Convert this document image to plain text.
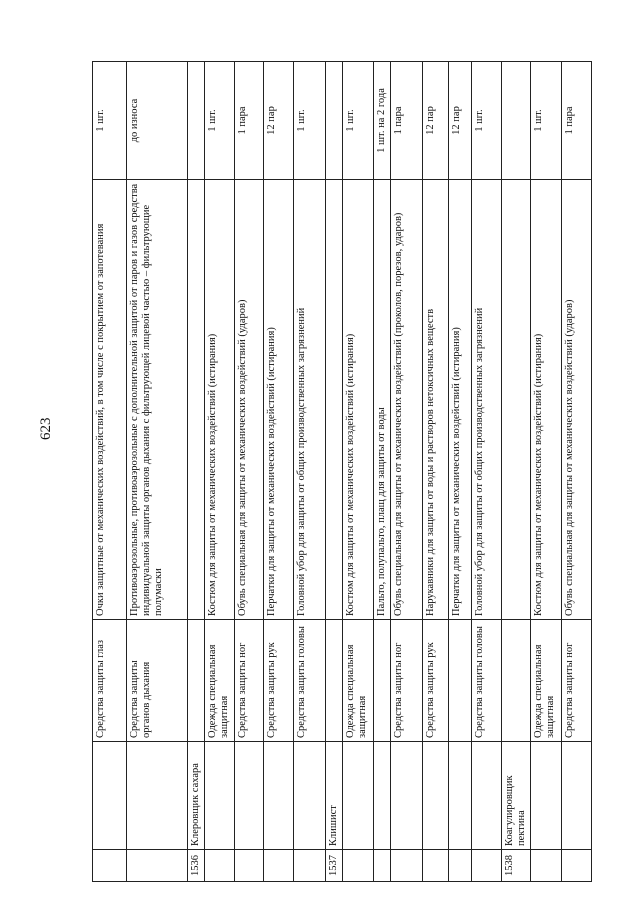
623
		Средства защиты глаз	Очки защитные от механических воздействий, в том числе с покрытием от запотевания	1 шт.
		Средства защиты органов дыхания	Противоаэрозольные, противоаэрозольные с дополнительной защитой от паров и газов средства индивидуальной защиты органов дыхания с фильтрующей лицевой частью – фильтрующие полумаски	до износа
1536	Клеровщик сахара			
		Одежда специальная защитная	Костюм для защиты от механических воздействий (истирания)	1 шт.
		Средства защиты ног	Обувь специальная для защиты от механических воздействий (ударов)	1 пара
		Средства защиты рук	Перчатки для защиты от механических воздействий (истирания)	12 пар
		Средства защиты головы	Головной убор для защиты от общих производственных загрязнений	1 шт.
1537	Клишист			
		Одежда специальная защитная	Костюм для защиты от механических воздействий (истирания)	1 шт.
			Пальто, полупальто, плащ для защиты от воды	1 шт. на 2 года
		Средства защиты ног	Обувь специальная для защиты от механических воздействий (проколов, порезов, ударов)	1 пара
		Средства защиты рук	Нарукавники для защиты от воды и растворов нетоксичных веществ	12 пар
			Перчатки для защиты от механических воздействий (истирания)	12 пар
		Средства защиты головы	Головной убор для защиты от общих производственных загрязнений	1 шт.
1538	Коагулировщик пектина			
		Одежда специальная защитная	Костюм для защиты от механических воздействий (истирания)	1 шт.
		Средства защиты ног	Обувь специальная для защиты от механических воздействий (ударов)	1 пара
